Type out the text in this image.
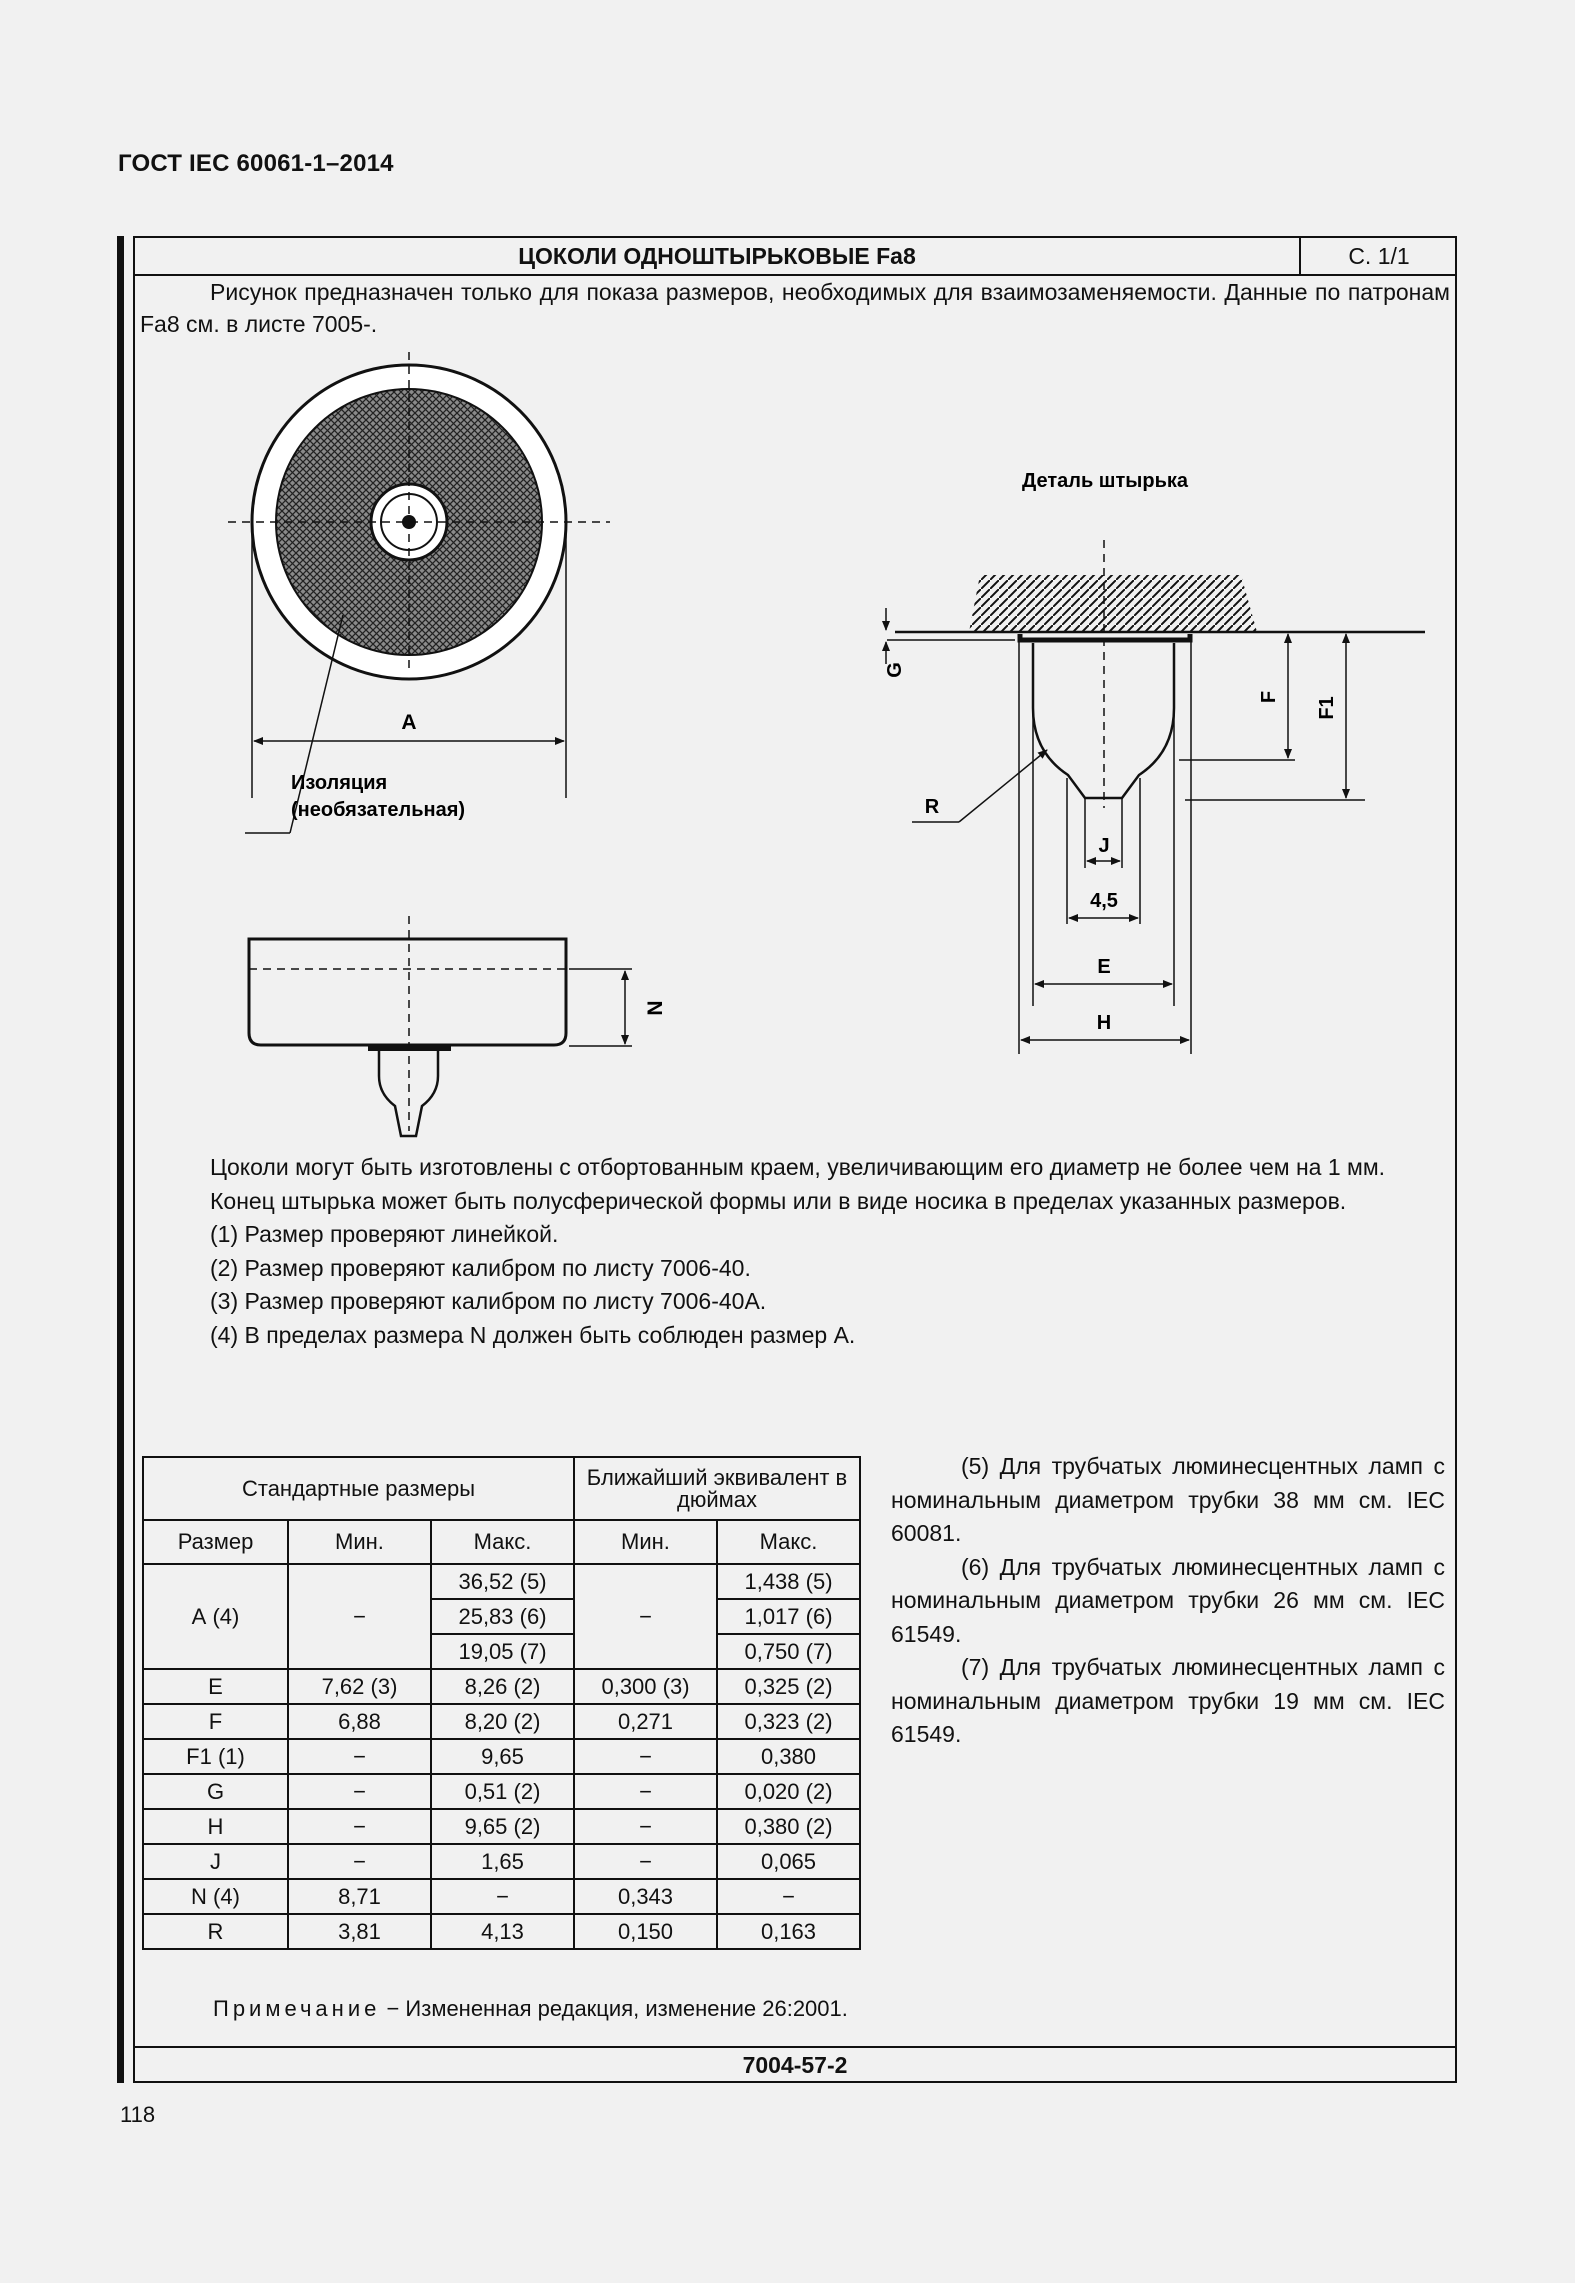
ГОСТ IEC 60061-1–2014
ЦОКОЛИ ОДНОШТЫРЬКОВЫЕ Fa8	С. 1/1

Рисунок предназначен только для показа размеров, необходимых для взаимозаменяемости. Данные по патронам Fa8 см. в листе 7005-.

A
Изоляция
(необязательная)
N
Деталь штырька
J
4,5
E
H
G
F F1
R

Цоколи могут быть изготовлены с отбортованным краем, увеличивающим его диаметр не более чем на 1 мм.

Конец штырька может быть полусферической формы или в виде носика в пределах указанных размеров.

(1) Размер проверяют линейкой.

(2) Размер проверяют калибром по листу 7006-40.

(3) Размер проверяют калибром по листу 7006-40А.

(4) В пределах размера N должен быть соблюден размер А.

Стандартные размеры			Ближайший эквивалент в дюймах	
Размер	Мин.	Макс.	Мин.	Макс.
А (4)	−	36,52 (5)	−	1,438 (5)
		25,83 (6)		1,017 (6)
		19,05 (7)		0,750 (7)
E	7,62 (3)	8,26 (2)	0,300 (3)	0,325 (2)
F	6,88	8,20 (2)	0,271	0,323 (2)
F1 (1)	−	9,65	−	0,380
G	−	0,51 (2)	−	0,020 (2)
H	−	9,65 (2)	−	0,380 (2)
J	−	1,65	−	0,065
N (4)	8,71	−	0,343	−
R	3,81	4,13	0,150	0,163

(5) Для трубчатых люминесцентных ламп с номинальным диаметром трубки 38 мм см. IEC 60081.

(6) Для трубчатых люминесцентных ламп с номинальным диаметром трубки 26 мм см. IEC 61549.

(7) Для трубчатых люминесцентных ламп с номинальным диаметром трубки 19 мм см. IEC 61549.

Примечание − Измененная редакция, изменение 26:2001.
7004-57-2
118
